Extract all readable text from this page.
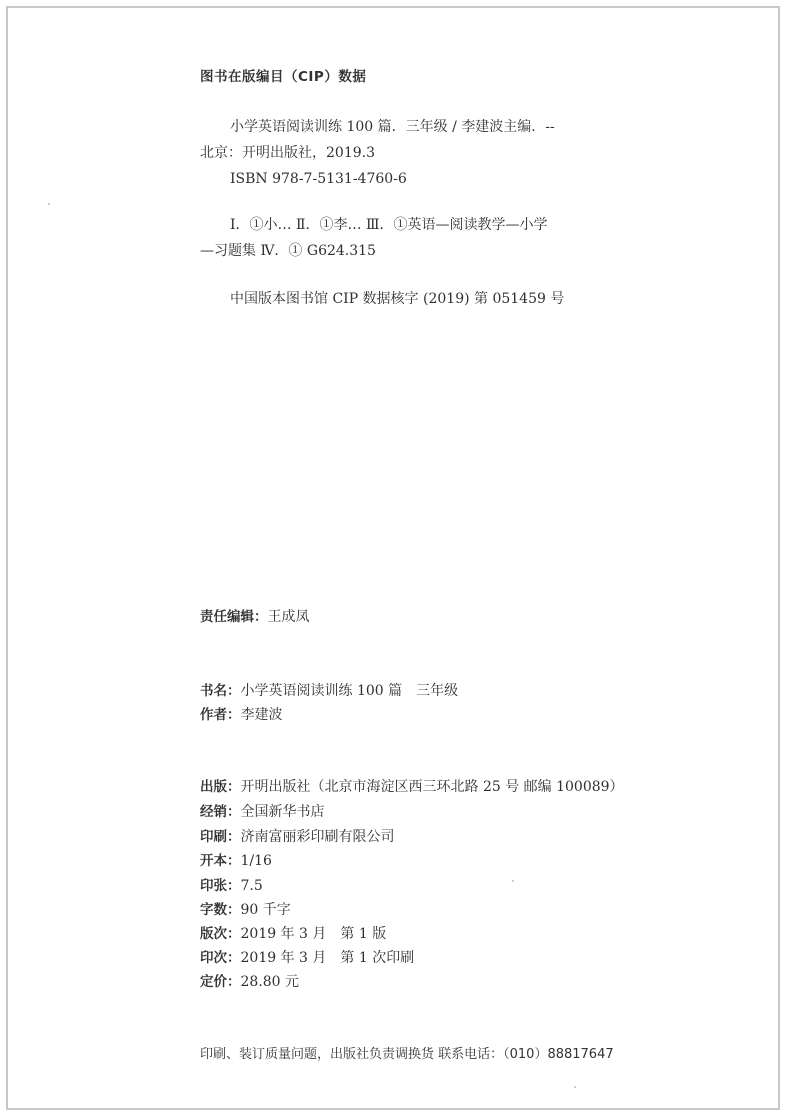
图书在版编目（CIP）数据
小学英语阅读训练 100 篇．三年级 / 李建波主编．--
北京：开明出版社，2019.3
ISBN 978-7-5131-4760-6
Ⅰ．①小… Ⅱ．①李… Ⅲ．①英语—阅读教学—小学
—习题集 Ⅳ．① G624.315
中国版本图书馆 CIP 数据核字 (2019) 第 051459 号
责任编辑：王成凤
书名：小学英语阅读训练 100 篇　三年级
作者：李建波
出版：开明出版社（北京市海淀区西三环北路 25 号 邮编 100089）
经销：全国新华书店
印刷：济南富丽彩印刷有限公司
开本：1/16
印张：7.5
字数：90 千字
版次：2019 年 3 月　第 1 版
印次：2019 年 3 月　第 1 次印刷
定价：28.80 元
印刷、装订质量问题，出版社负责调换货 联系电话：（010）88817647
